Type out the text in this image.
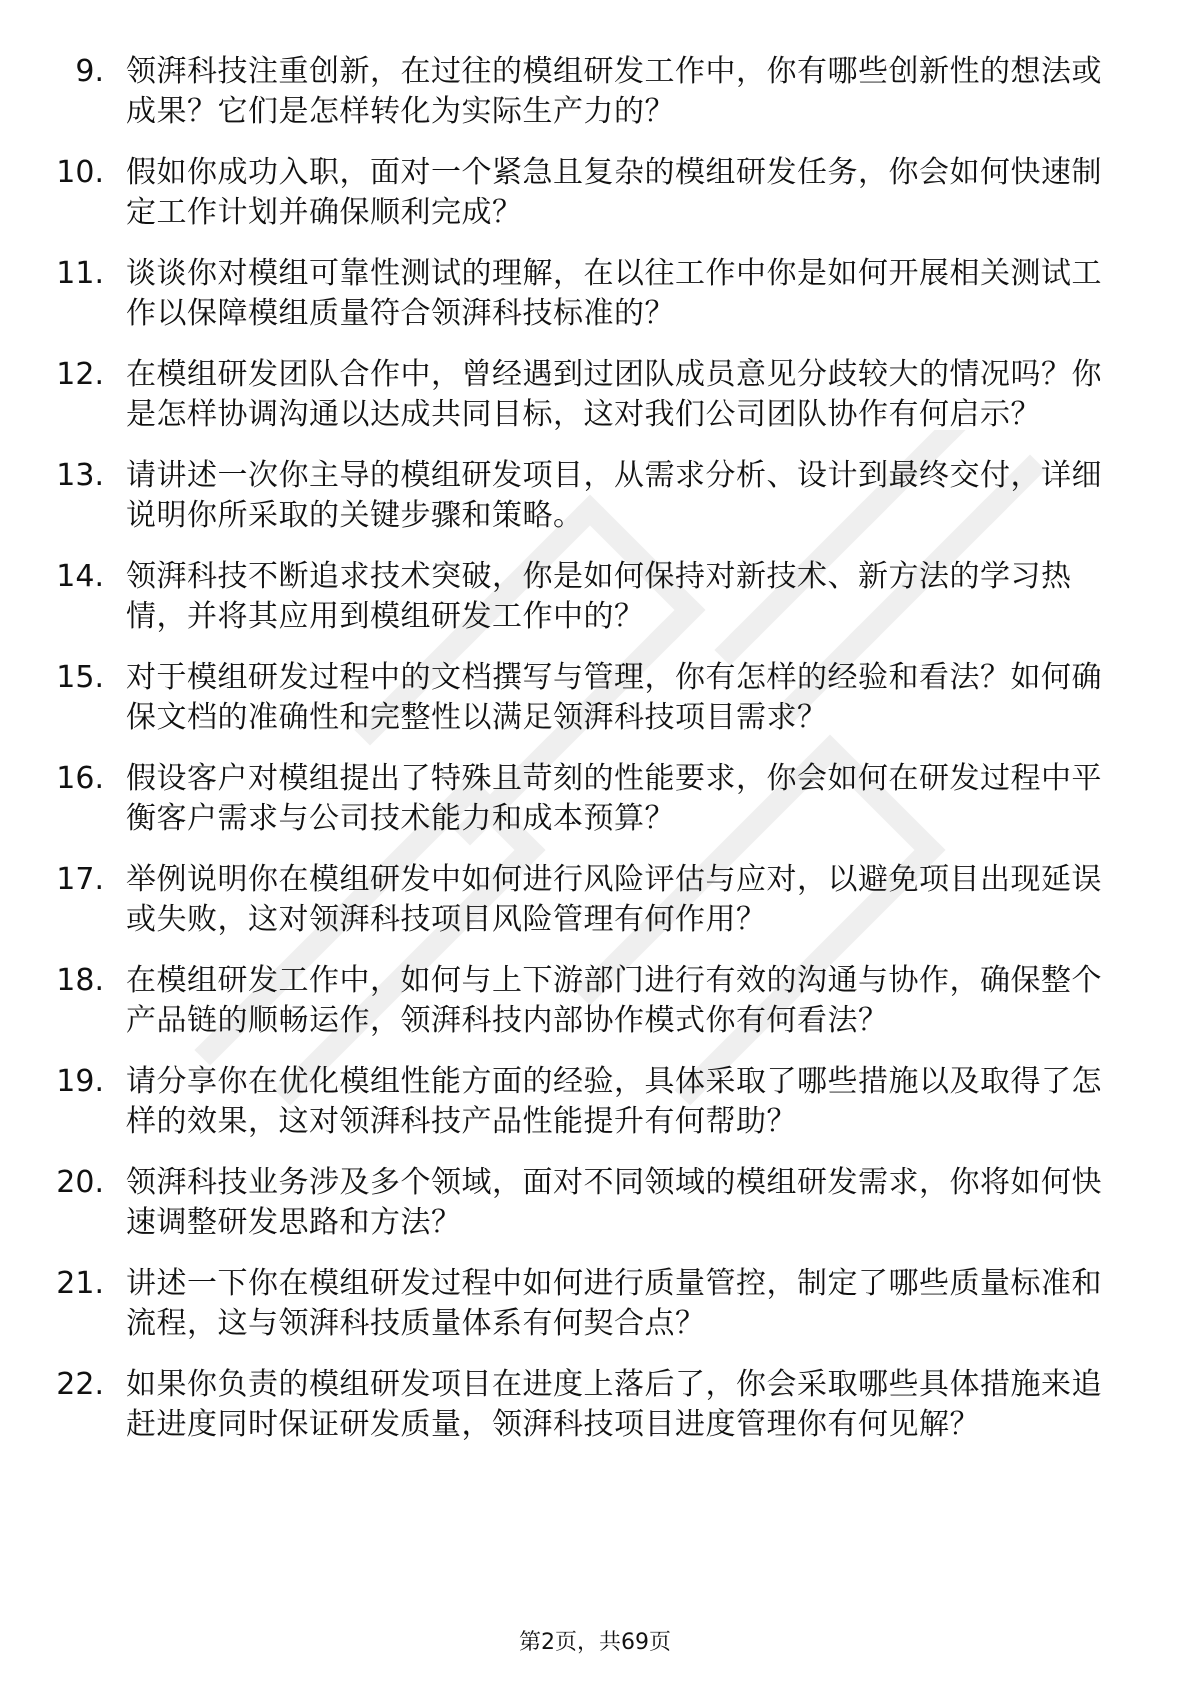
9. 领湃科技注重创新，在过往的模组研发工作中，你有哪些创新性的想法或成果？它们是怎样转化为实际生产力的？
10. 假如你成功入职，面对一个紧急且复杂的模组研发任务，你会如何快速制定工作计划并确保顺利完成？
11. 谈谈你对模组可靠性测试的理解，在以往工作中你是如何开展相关测试工作以保障模组质量符合领湃科技标准的？
12. 在模组研发团队合作中，曾经遇到过团队成员意见分歧较大的情况吗？你是怎样协调沟通以达成共同目标，这对我们公司团队协作有何启示？
13. 请讲述一次你主导的模组研发项目，从需求分析、设计到最终交付，详细说明你所采取的关键步骤和策略。
14. 领湃科技不断追求技术突破，你是如何保持对新技术、新方法的学习热情，并将其应用到模组研发工作中的？
15. 对于模组研发过程中的文档撰写与管理，你有怎样的经验和看法？如何确保文档的准确性和完整性以满足领湃科技项目需求？
16. 假设客户对模组提出了特殊且苛刻的性能要求，你会如何在研发过程中平衡客户需求与公司技术能力和成本预算？
17. 举例说明你在模组研发中如何进行风险评估与应对，以避免项目出现延误或失败，这对领湃科技项目风险管理有何作用？
18. 在模组研发工作中，如何与上下游部门进行有效的沟通与协作，确保整个产品链的顺畅运作，领湃科技内部协作模式你有何看法？
19. 请分享你在优化模组性能方面的经验，具体采取了哪些措施以及取得了怎样的效果，这对领湃科技产品性能提升有何帮助？
20. 领湃科技业务涉及多个领域，面对不同领域的模组研发需求，你将如何快速调整研发思路和方法？
21. 讲述一下你在模组研发过程中如何进行质量管控，制定了哪些质量标准和流程，这与领湃科技质量体系有何契合点？
22. 如果你负责的模组研发项目在进度上落后了，你会采取哪些具体措施来追赶进度同时保证研发质量，领湃科技项目进度管理你有何见解？
第2页，共69页
